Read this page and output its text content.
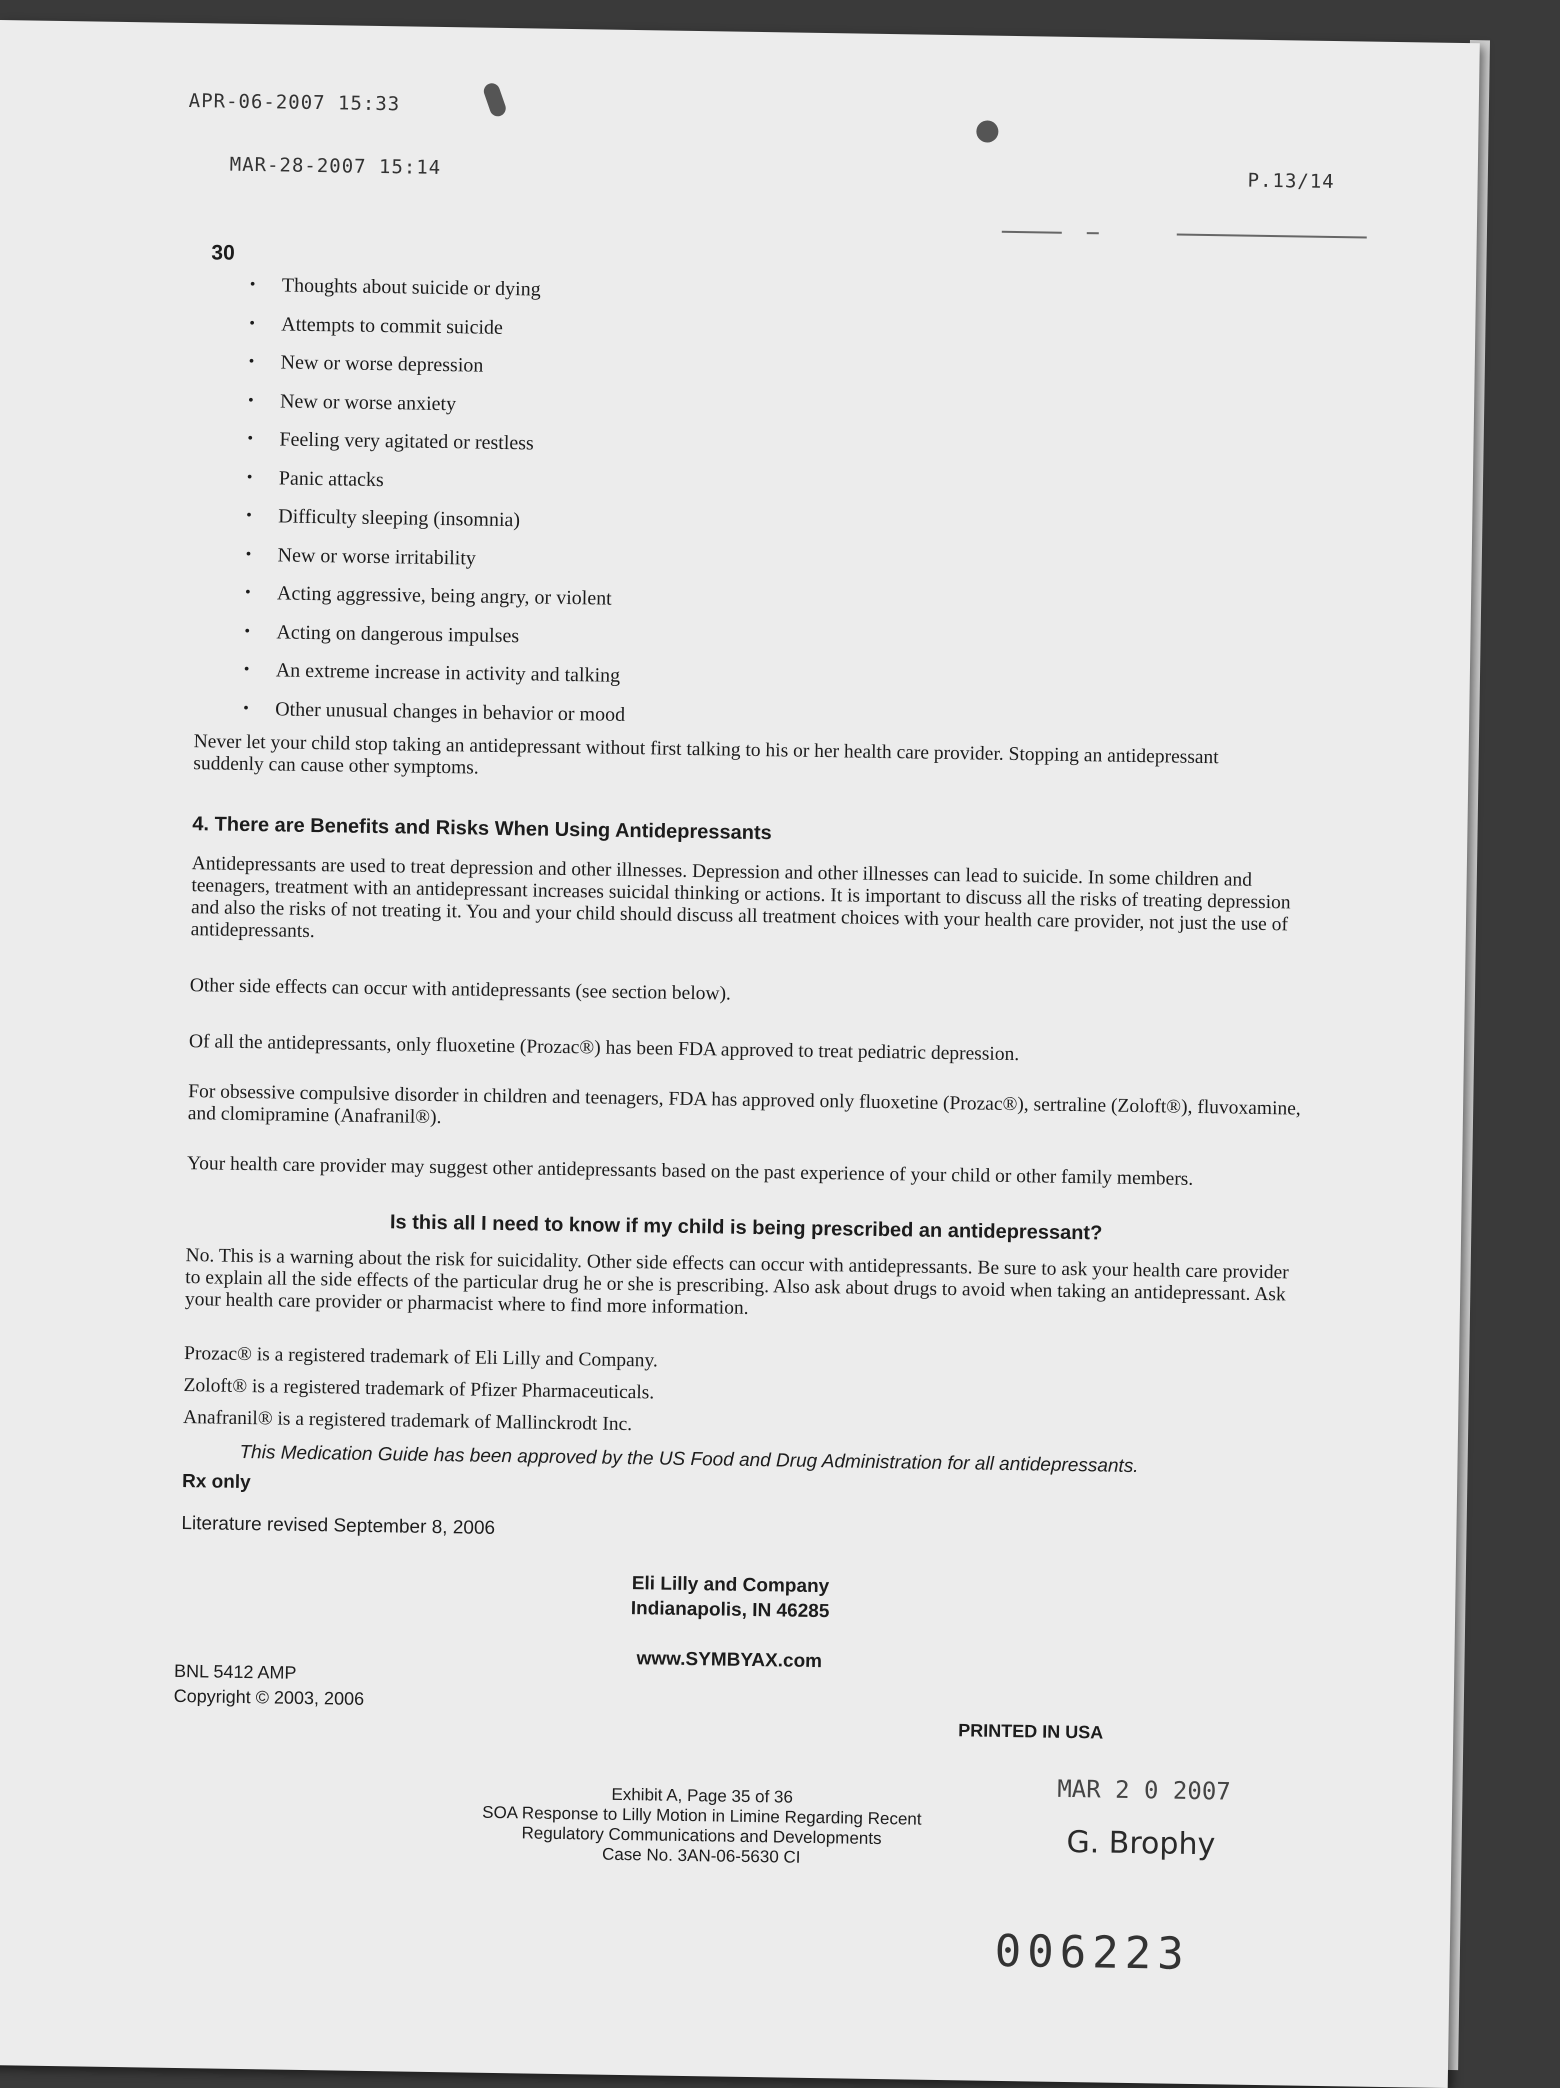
APR-06-2007 15:33
MAR-28-2007 15:14
P.13/14
30
• Thoughts about suicide or dying
• Attempts to commit suicide
• New or worse depression
• New or worse anxiety
• Feeling very agitated or restless
• Panic attacks
• Difficulty sleeping (insomnia)
• New or worse irritability
• Acting aggressive, being angry, or violent
• Acting on dangerous impulses
• An extreme increase in activity and talking
• Other unusual changes in behavior or mood
Never let your child stop taking an antidepressant without first talking to his or her health care provider. Stopping an antidepressant suddenly can cause other symptoms.
4. There are Benefits and Risks When Using Antidepressants
Antidepressants are used to treat depression and other illnesses. Depression and other illnesses can lead to suicide. In some children and teenagers, treatment with an antidepressant increases suicidal thinking or actions. It is important to discuss all the risks of treating depression and also the risks of not treating it. You and your child should discuss all treatment choices with your health care provider, not just the use of antidepressants.
Other side effects can occur with antidepressants (see section below).
Of all the antidepressants, only fluoxetine (Prozac®) has been FDA approved to treat pediatric depression.
For obsessive compulsive disorder in children and teenagers, FDA has approved only fluoxetine (Prozac®), sertraline (Zoloft®), fluvoxamine, and clomipramine (Anafranil®).
Your health care provider may suggest other antidepressants based on the past experience of your child or other family members.
Is this all I need to know if my child is being prescribed an antidepressant?
No. This is a warning about the risk for suicidality. Other side effects can occur with antidepressants. Be sure to ask your health care provider to explain all the side effects of the particular drug he or she is prescribing. Also ask about drugs to avoid when taking an antidepressant. Ask your health care provider or pharmacist where to find more information.
Prozac® is a registered trademark of Eli Lilly and Company.
Zoloft® is a registered trademark of Pfizer Pharmaceuticals.
Anafranil® is a registered trademark of Mallinckrodt Inc.
This Medication Guide has been approved by the US Food and Drug Administration for all antidepressants.
Rx only
Literature revised September 8, 2006
Eli Lilly and Company
Indianapolis, IN 46285
www.SYMBYAX.com
BNL 5412 AMP
Copyright © 2003, 2006
PRINTED IN USA
Exhibit A, Page 35 of 36
SOA Response to Lilly Motion in Limine Regarding Recent
Regulatory Communications and Developments
Case No. 3AN-06-5630 CI
MAR 2 0 2007
G. Brophy
006223
